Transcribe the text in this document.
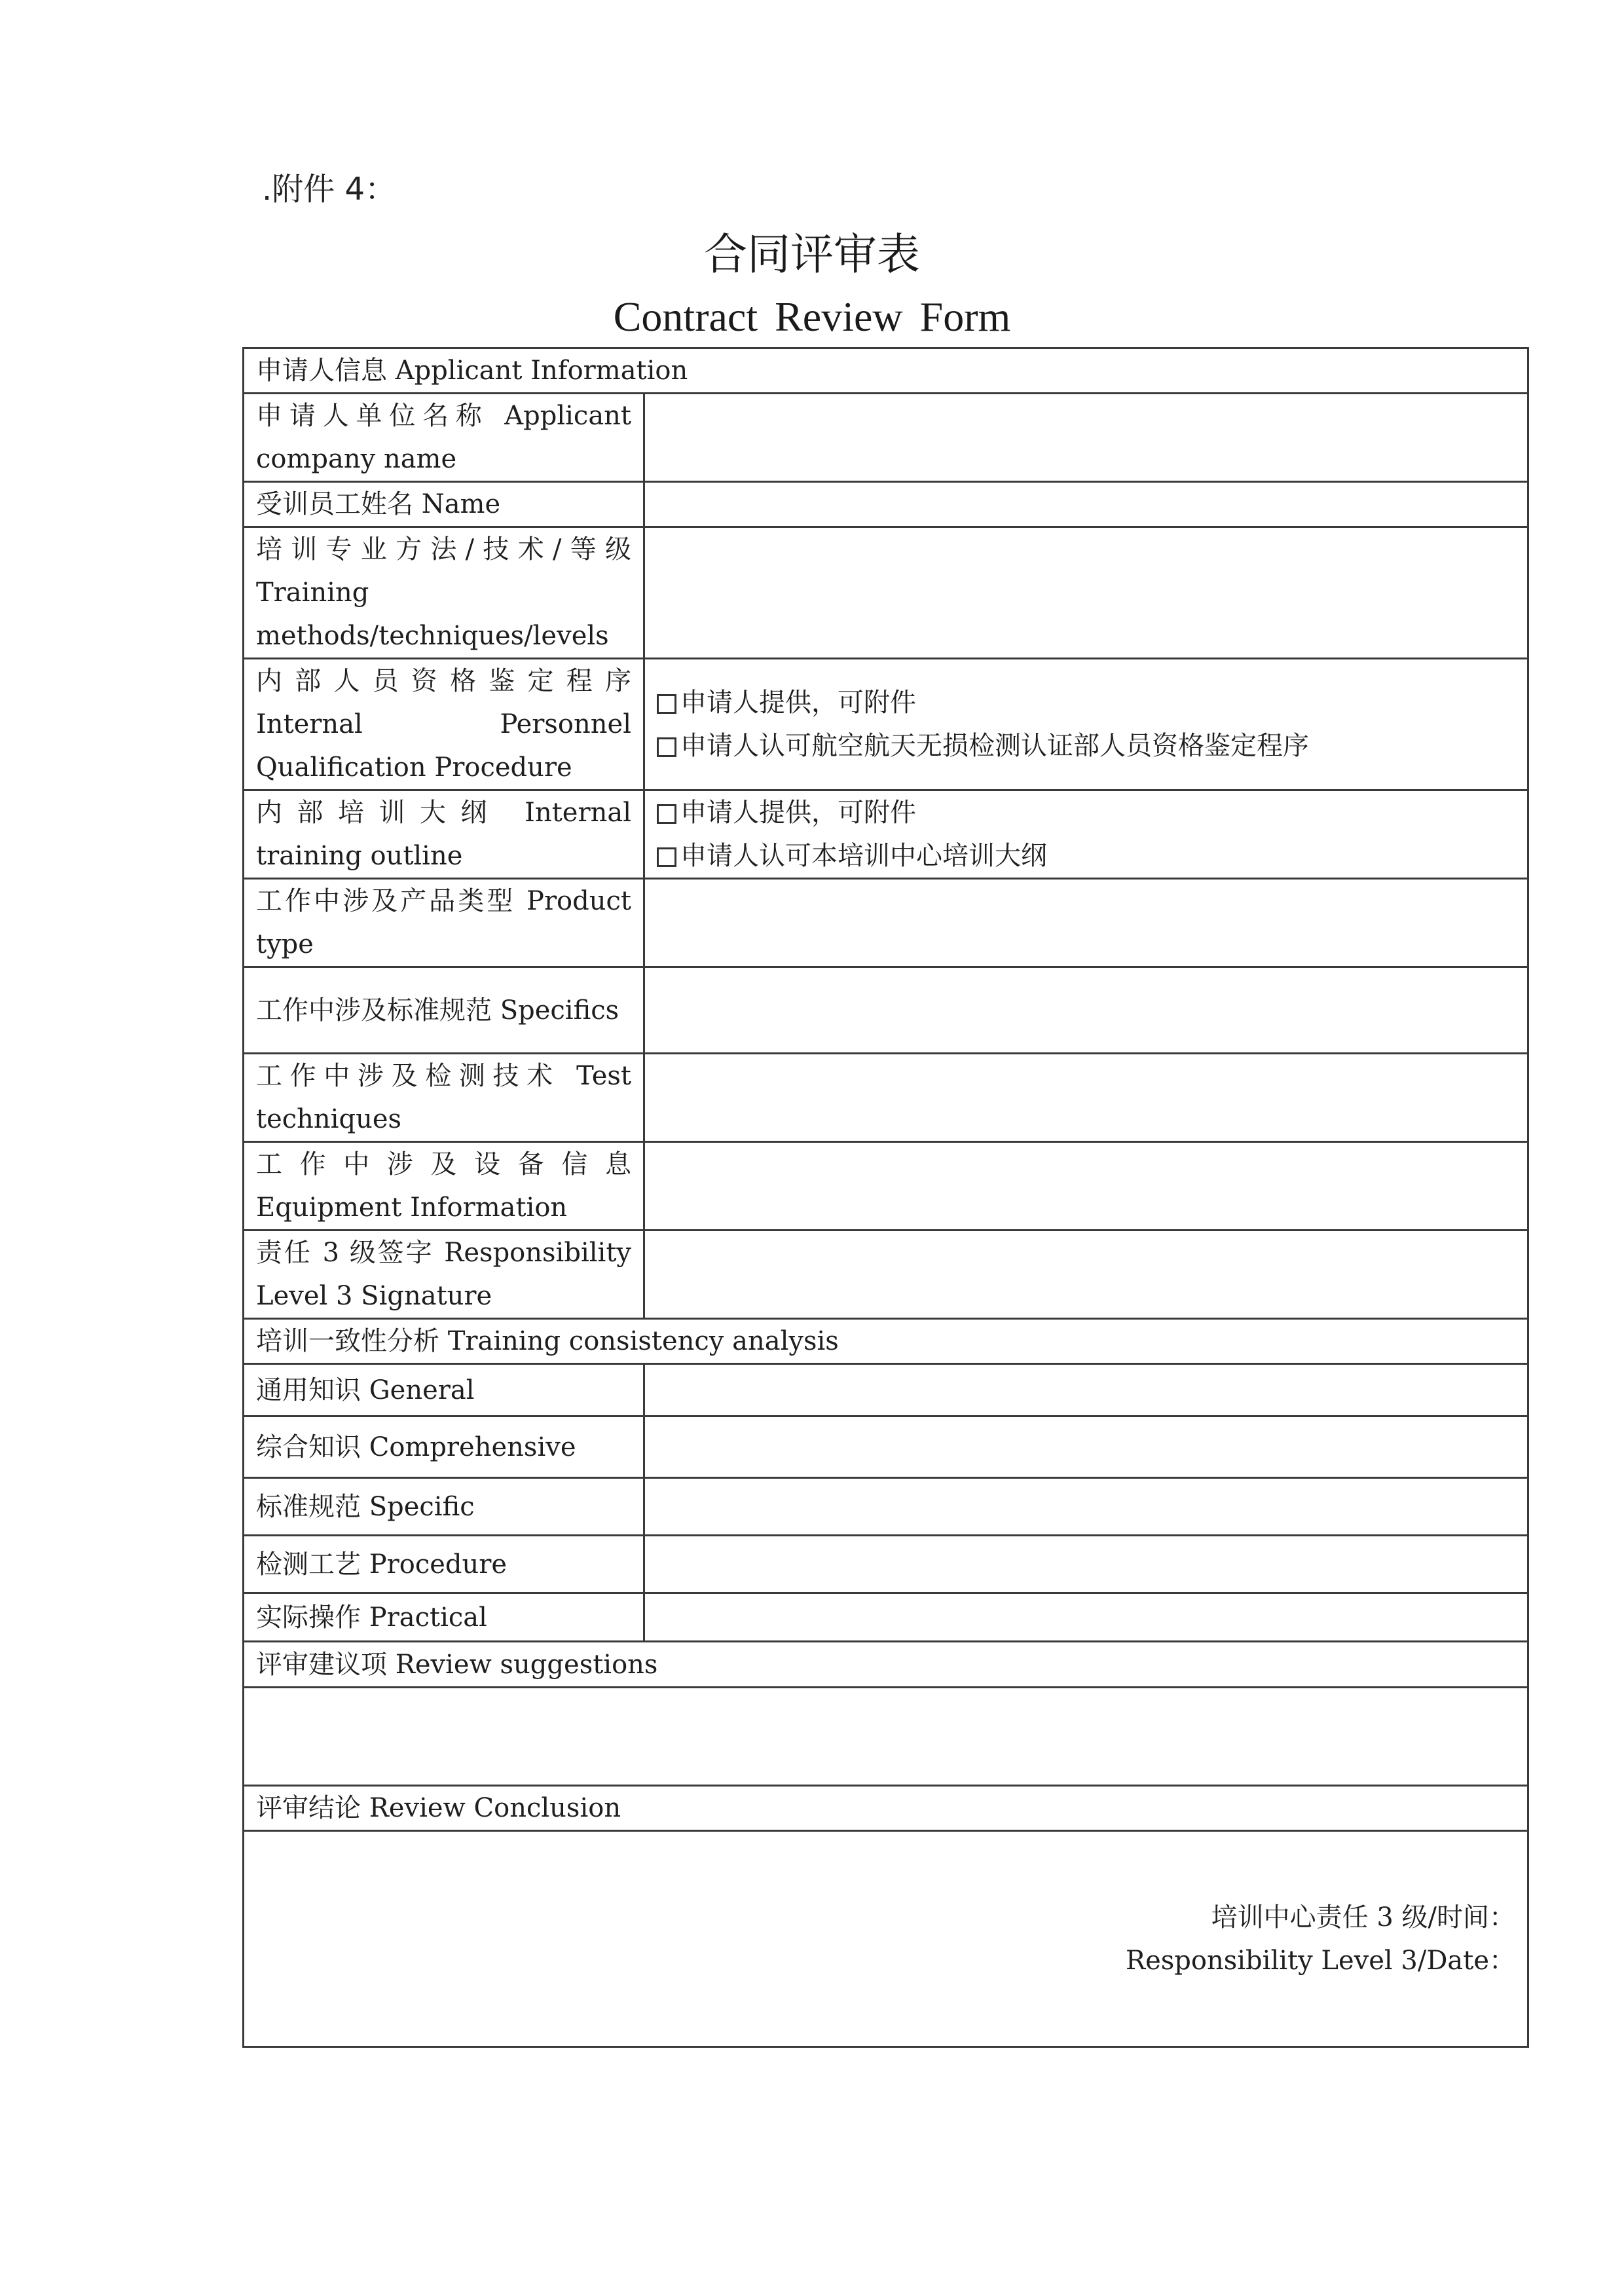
.附件 4：
合同评审表
Contract Review Form
申请人信息 Applicant Information	
申请人单位名称 Applicant company name	
受训员工姓名 Name	
培训专业方法/技术/等级 Training methods/techniques/levels	
内部人员资格鉴定程序 Internal Personnel Qualification Procedure	申请人提供，可附件
申请人认可航空航天无损检测认证部人员资格鉴定程序

内部培训大纲 Internal training outline	申请人提供，可附件
申请人认可本培训中心培训大纲

工作中涉及产品类型 Product type	
工作中涉及标准规范 Specifics	
工作中涉及检测技术 Test techniques	
工作中涉及设备信息 Equipment Information	
责任 3 级签字 Responsibility Level 3 Signature	
培训一致性分析 Training consistency analysis	
通用知识 General	
综合知识 Comprehensive	
标准规范 Specific	
检测工艺 Procedure	
实际操作 Practical	
评审建议项 Review suggestions	

评审结论 Review Conclusion	

培训中心责任 3 级/时间：
Responsibility Level 3/Date：	
